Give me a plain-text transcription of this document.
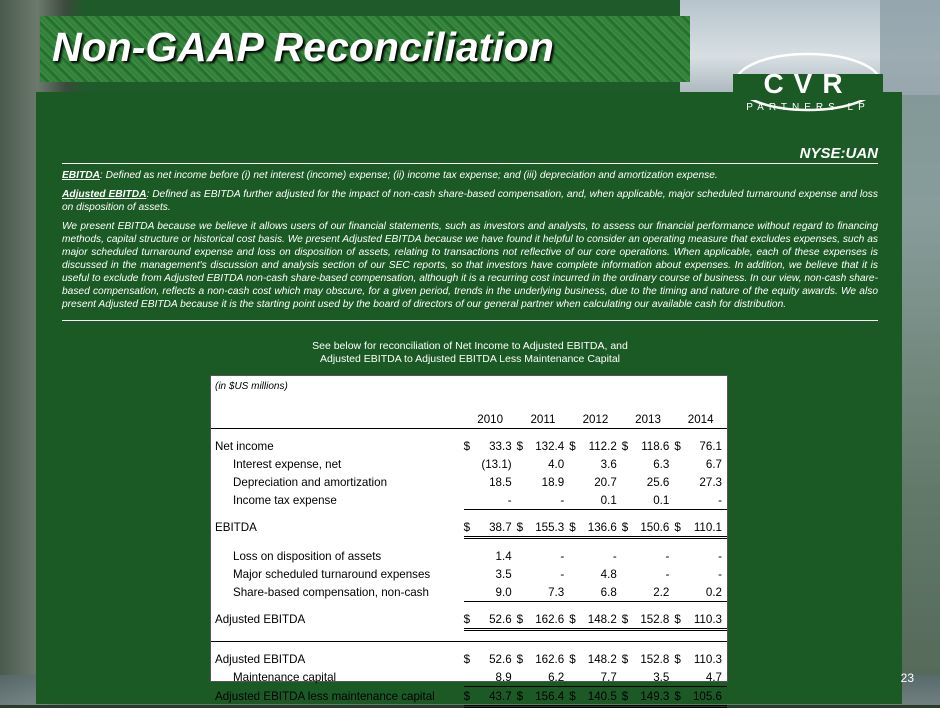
Non-GAAP Reconciliation
CVR
PARTNERS LP
NYSE:UAN
EBITDA: Defined as net income before (i) net interest (income) expense; (ii) income tax expense; and (iii) depreciation and amortization expense.
Adjusted EBITDA: Defined as EBITDA further adjusted for the impact of non-cash share-based compensation, and, when applicable, major scheduled turnaround expense and loss on disposition of assets.
We present EBITDA because we believe it allows users of our financial statements, such as investors and analysts, to assess our financial performance without regard to financing methods, capital structure or historical cost basis. We present Adjusted EBITDA because we have found it helpful to consider an operating measure that excludes expenses, such as major scheduled turnaround expense and loss on disposition of assets, relating to transactions not reflective of our core operations. When applicable, each of these expenses is discussed in the management's discussion and analysis section of our SEC reports, so that investors have complete information about expenses. In addition, we believe that it is useful to exclude from Adjusted EBITDA non-cash share-based compensation, although it is a recurring cost incurred in the ordinary course of business. In our view, non-cash share-based compensation, reflects a non-cash cost which may obscure, for a given period, trends in the underlying business, due to the timing and nature of the equity awards. We also present Adjusted EBITDA because it is the starting point used by the board of directors of our general partner when calculating our available cash for distribution.
See below for reconciliation of Net Income to Adjusted EBITDA, and
Adjusted EBITDA to Adjusted EBITDA Less Maintenance Capital
(in $US millions)
	2010		2011		2012		2013		2014	

Net income	$	33.3	$	132.4	$	112.2	$	118.6	$	76.1
Interest expense, net		(13.1)		4.0		3.6		6.3		6.7
Depreciation and amortization		18.5		18.9		20.7		25.6		27.3
Income tax expense		-		-		0.1		0.1		-

EBITDA	$	38.7	$	155.3	$	136.6	$	150.6	$	110.1

Loss on disposition of assets		1.4		-		-		-		-
Major scheduled turnaround expenses		3.5		-		4.8		-		-
Share-based compensation, non-cash		9.0		7.3		6.8		2.2		0.2

Adjusted EBITDA	$	52.6	$	162.6	$	148.2	$	152.8	$	110.3

Adjusted EBITDA	$	52.6	$	162.6	$	148.2	$	152.8	$	110.3
Maintenance capital		8.9		6.2		7.7		3.5		4.7
Adjusted EBITDA less maintenance capital	$	43.7	$	156.4	$	140.5	$	149.3	$	105.6
23
